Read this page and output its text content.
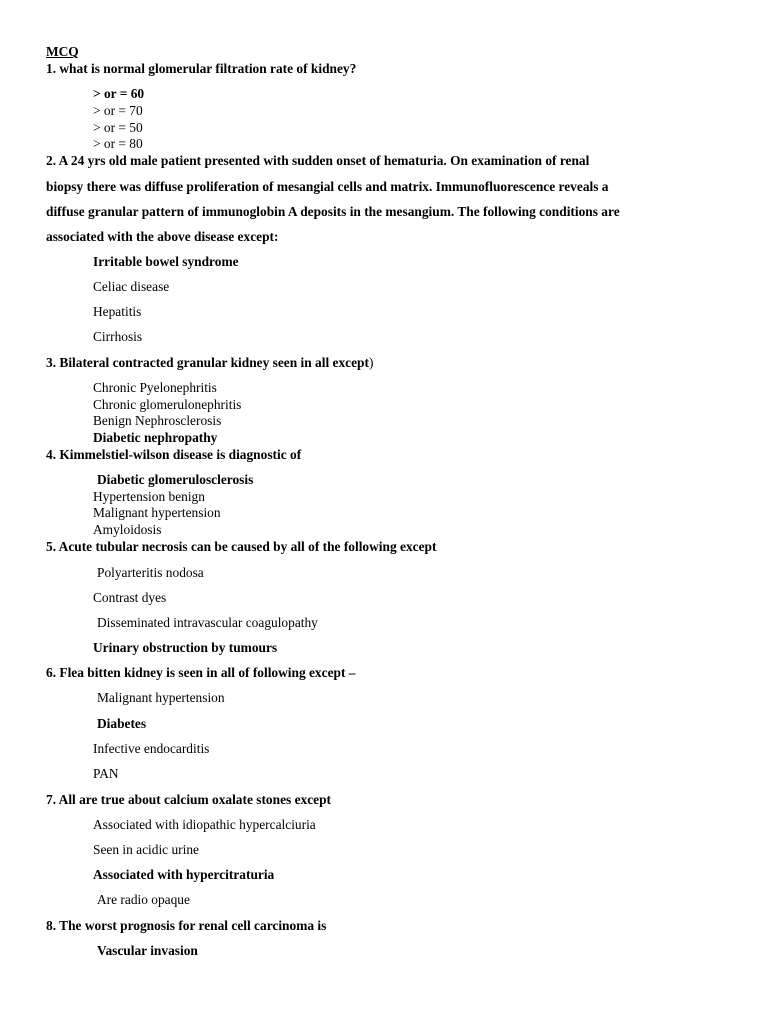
MCQ
1. what is normal glomerular filtration rate of kidney?
> or = 60
> or = 70
> or = 50
> or = 80
2. A 24 yrs old male patient presented with sudden onset of hematuria. On examination of renal
biopsy there was diffuse proliferation of mesangial cells and matrix. Immunofluorescence reveals a
diffuse granular pattern of immunoglobin A deposits in the mesangium. The following conditions are
associated with the above disease except:
Irritable bowel syndrome
Celiac disease
Hepatitis
Cirrhosis
3. Bilateral contracted granular kidney seen in all except)
Chronic Pyelonephritis
Chronic glomerulonephritis
Benign Nephrosclerosis
Diabetic nephropathy
4. Kimmelstiel-wilson disease is diagnostic of
Diabetic glomerulosclerosis
Hypertension benign
Malignant hypertension
Amyloidosis
5. Acute tubular necrosis can be caused by all of the following except
Polyarteritis nodosa
Contrast dyes
Disseminated intravascular coagulopathy
Urinary obstruction by tumours
6. Flea bitten kidney is seen in all of following except –
Malignant hypertension
Diabetes
Infective endocarditis
PAN
7. All are true about calcium oxalate stones except
Associated with idiopathic hypercalciuria
Seen in acidic urine
Associated with hypercitraturia
Are radio opaque
8. The worst prognosis for renal cell carcinoma is
Vascular invasion
